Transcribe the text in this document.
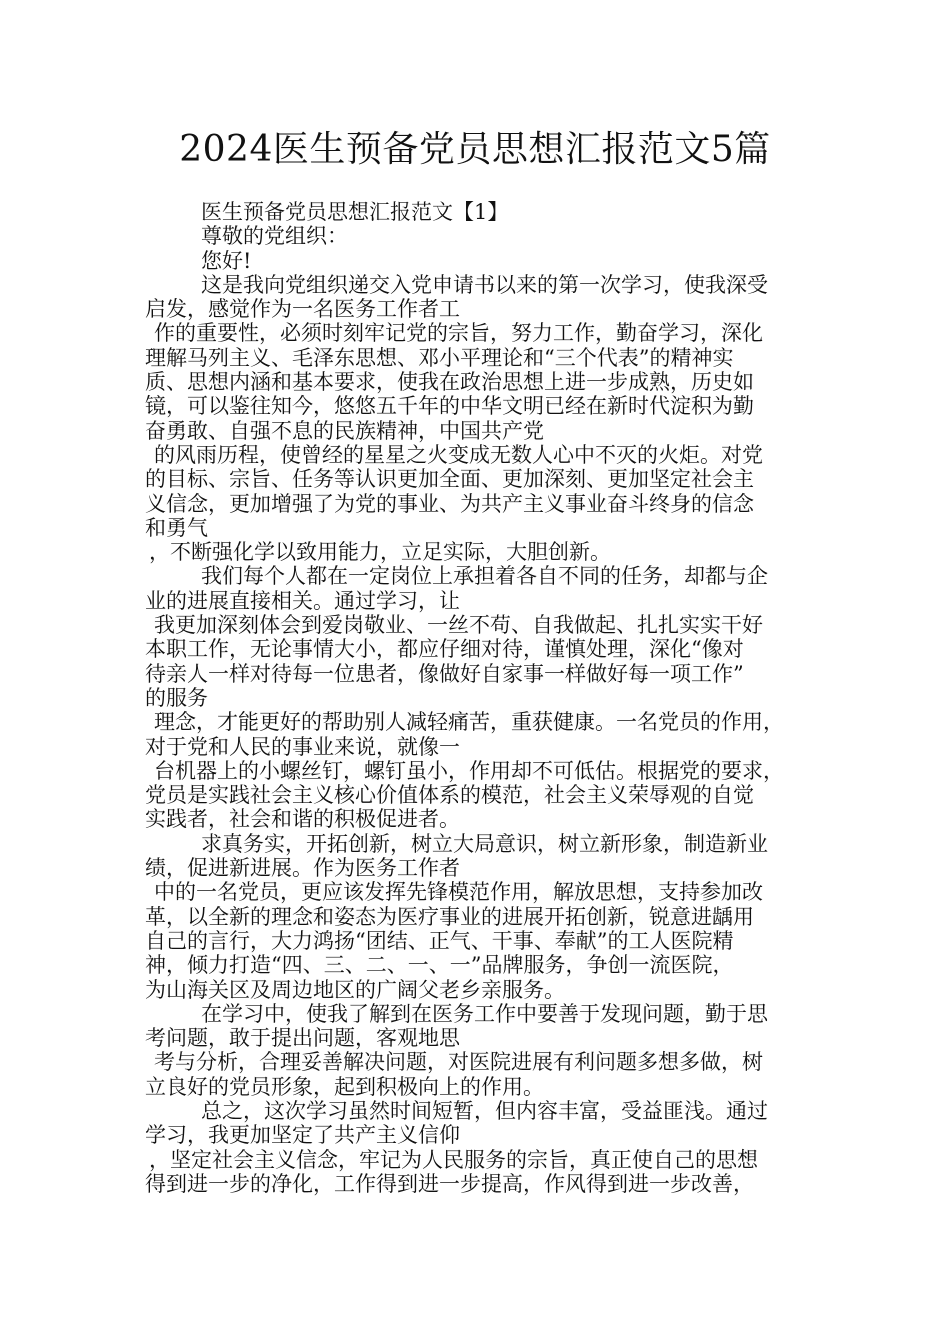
2024医生预备党员思想汇报范文5篇

医生预备党员思想汇报范文【1】

尊敬的党组织：

您好!

这是我向党组织递交入党申请书以来的第一次学习，使我深受

启发，感觉作为一名医务工作者工

作的重要性，必须时刻牢记党的宗旨，努力工作，勤奋学习，深化

理解马列主义、毛泽东思想、邓小平理论和“三个代表”的精神实

质、思想内涵和基本要求，使我在政治思想上进一步成熟，历史如

镜，可以鉴往知今，悠悠五千年的中华文明已经在新时代淀积为勤

奋勇敢、自强不息的民族精神，中国共产党

的风雨历程，使曾经的星星之火变成无数人心中不灭的火炬。对党

的目标、宗旨、任务等认识更加全面、更加深刻、更加坚定社会主

义信念，更加增强了为党的事业、为共产主义事业奋斗终身的信念

和勇气

，不断强化学以致用能力，立足实际，大胆创新。

我们每个人都在一定岗位上承担着各自不同的任务，却都与企

业的进展直接相关。通过学习，让

我更加深刻体会到爱岗敬业、一丝不苟、自我做起、扎扎实实干好

本职工作，无论事情大小，都应仔细对待，谨慎处理，深化“像对

待亲人一样对待每一位患者，像做好自家事一样做好每一项工作”

的服务

理念，才能更好的帮助别人减轻痛苦，重获健康。一名党员的作用，

对于党和人民的事业来说，就像一

台机器上的小螺丝钉，螺钉虽小，作用却不可低估。根据党的要求，

党员是实践社会主义核心价值体系的模范，社会主义荣辱观的自觉

实践者，社会和谐的积极促进者。

求真务实，开拓创新，树立大局意识，树立新形象，制造新业

绩，促进新进展。作为医务工作者

中的一名党员，更应该发挥先锋模范作用，解放思想，支持参加改

革，以全新的理念和姿态为医疗事业的进展开拓创新，锐意进龋用

自己的言行，大力鸿扬“团结、正气、干事、奉献”的工人医院精

神，倾力打造“四、三、二、一、一”品牌服务，争创一流医院，

为山海关区及周边地区的广阔父老乡亲服务。

在学习中，使我了解到在医务工作中要善于发现问题，勤于思

考问题，敢于提出问题，客观地思

考与分析，合理妥善解决问题，对医院进展有利问题多想多做，树

立良好的党员形象，起到积极向上的作用。

总之，这次学习虽然时间短暂，但内容丰富，受益匪浅。通过

学习，我更加坚定了共产主义信仰

，坚定社会主义信念，牢记为人民服务的宗旨，真正使自己的思想

得到进一步的净化，工作得到进一步提高，作风得到进一步改善，
